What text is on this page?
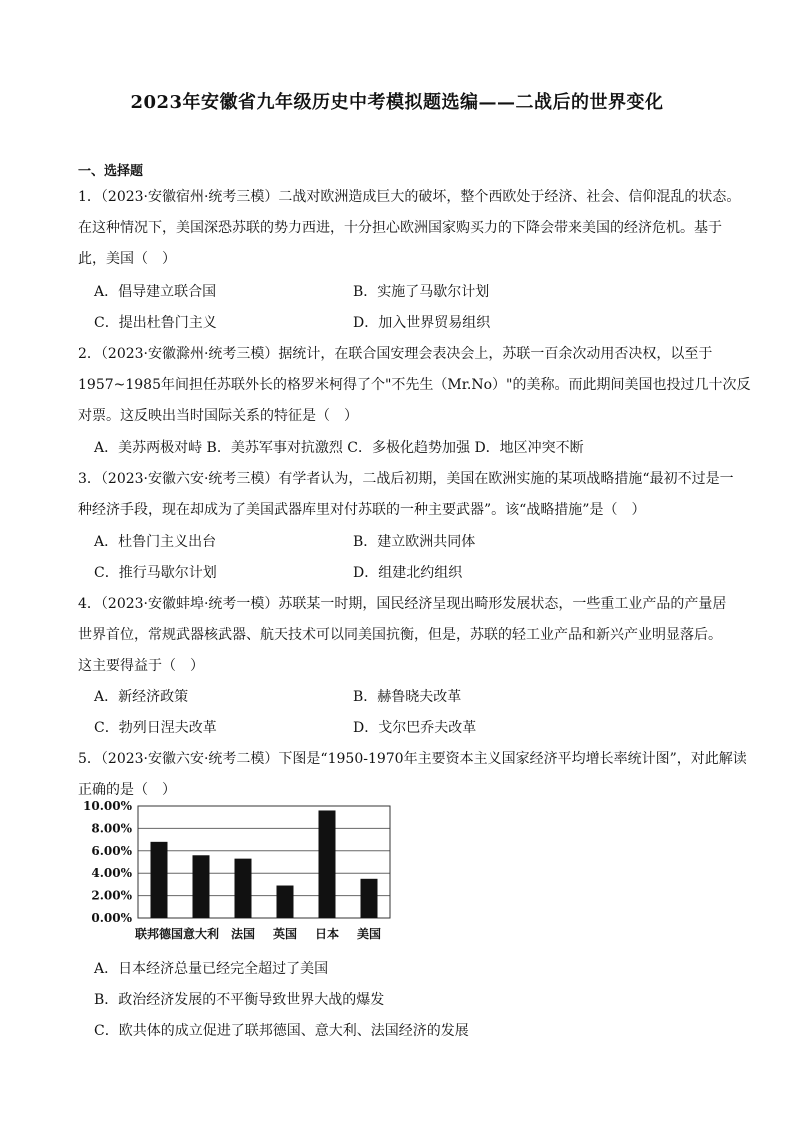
2023年安徽省九年级历史中考模拟题选编——二战后的世界变化
一、选择题
1．（2023·安徽宿州·统考三模）二战对欧洲造成巨大的破坏，整个西欧处于经济、社会、信仰混乱的状态。
在这种情况下，美国深恐苏联的势力西进，十分担心欧洲国家购买力的下降会带来美国的经济危机。基于
此，美国（　）
A．倡导建立联合国	B．实施了马歇尔计划
C．提出杜鲁门主义	D．加入世界贸易组织
2．（2023·安徽滁州·统考三模）据统计，在联合国安理会表决会上，苏联一百余次动用否决权，以至于
1957~1985年间担任苏联外长的格罗米柯得了个"不先生（Mr.No）"的美称。而此期间美国也投过几十次反
对票。这反映出当时国际关系的特征是（　）
A．美苏两极对峙 B．美苏军事对抗激烈 C．多极化趋势加强 D．地区冲突不断
3．（2023·安徽六安·统考三模）有学者认为，二战后初期，美国在欧洲实施的某项战略措施“最初不过是一
种经济手段，现在却成为了美国武器库里对付苏联的一种主要武器”。该“战略措施”是（　）
A．杜鲁门主义出台	B．建立欧洲共同体
C．推行马歇尔计划	D．组建北约组织
4．（2023·安徽蚌埠·统考一模）苏联某一时期，国民经济呈现出畸形发展状态，一些重工业产品的产量居
世界首位，常规武器核武器、航天技术可以同美国抗衡，但是，苏联的轻工业产品和新兴产业明显落后。
这主要得益于（　）
A．新经济政策	B．赫鲁晓夫改革
C．勃列日涅夫改革	D．戈尔巴乔夫改革
5．（2023·安徽六安·统考二模）下图是“1950-1970年主要资本主义国家经济平均增长率统计图”，对此解读
正确的是（　）
0.00%
2.00%
4.00%
6.00%
8.00%
10.00%
联邦德国 意大利 法国 英国 日本 美国
A．日本经济总量已经完全超过了美国
B．政治经济发展的不平衡导致世界大战的爆发
C．欧共体的成立促进了联邦德国、意大利、法国经济的发展
